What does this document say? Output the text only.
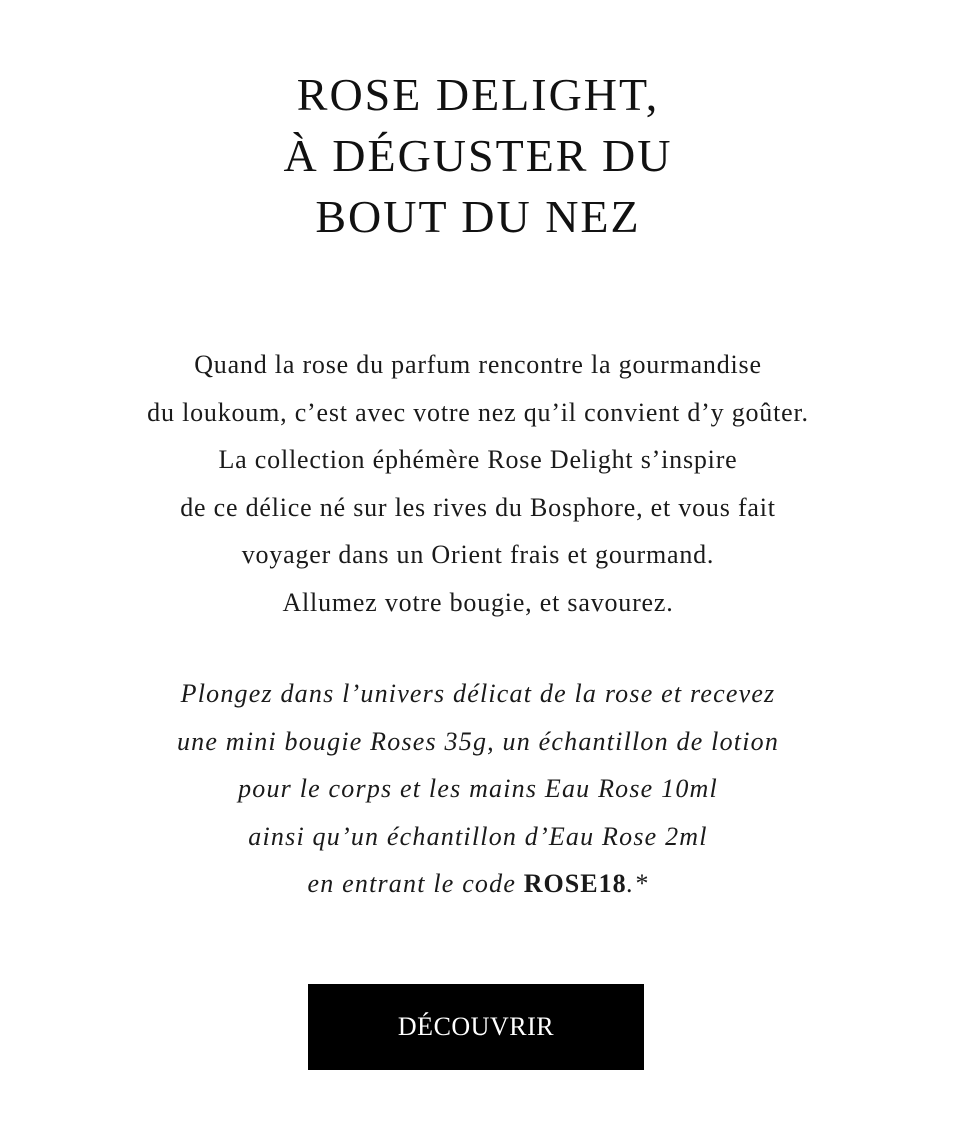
ROSE DELIGHT,
À DÉGUSTER DU
BOUT DU NEZ

Quand la rose du parfum rencontre la gourmandise
du loukoum, c’est avec votre nez qu’il convient d’y goûter.
La collection éphémère Rose Delight s’inspire
de ce délice né sur les rives du Bosphore, et vous fait
voyager dans un Orient frais et gourmand.
Allumez votre bougie, et savourez.

Plongez dans l’univers délicat de la rose et recevez
une mini bougie Roses 35g, un échantillon de lotion
pour le corps et les mains Eau Rose 10ml
ainsi qu’un échantillon d’Eau Rose 2ml
en entrant le code ROSE18.*

DÉCOUVRIR
